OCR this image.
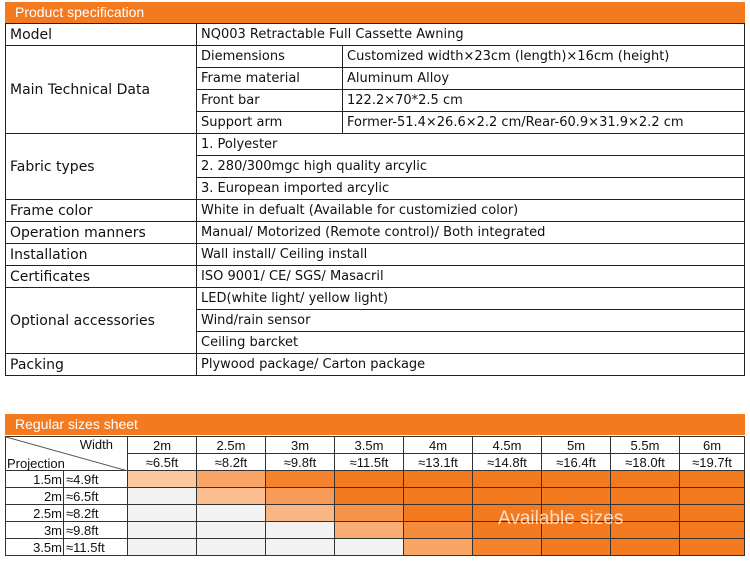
Product specification
Model	NQ003 Retractable Full Cassette Awning	
Main Technical Data	Diemensions	Customized width×23cm (length)×16cm (height)
	Frame material	Aluminum Alloy
	Front bar	122.2×70*2.5 cm
	Support arm	Former-51.4×26.6×2.2 cm/Rear-60.9×31.9×2.2 cm
Fabric types	1. Polyester	
	2. 280/300mgc high quality arcylic	
	3. European imported arcylic	
Frame color	White in defualt (Available for customizied color)	
Operation manners	Manual/ Motorized (Remote control)/ Both integrated	
Installation	Wall install/ Ceiling install	
Certificates	ISO 9001/ CE/ SGS/ Masacril	
Optional accessories	LED(white light/ yellow light)	
	Wind/rain sensor	
	Ceiling barcket	
Packing	Plywood package/ Carton package	
Regular sizes sheet
Width
Projection		2m	2.5m	3m	3.5m	4m	4.5m	5m	5.5m	6m
		≈6.5ft	≈8.2ft	≈9.8ft	≈11.5ft	≈13.1ft	≈14.8ft	≈16.4ft	≈18.0ft	≈19.7ft
1.5m	≈4.9ft									
2m	≈6.5ft									
2.5m	≈8.2ft									
3m	≈9.8ft									
3.5m	≈11.5ft									
Available sizes
